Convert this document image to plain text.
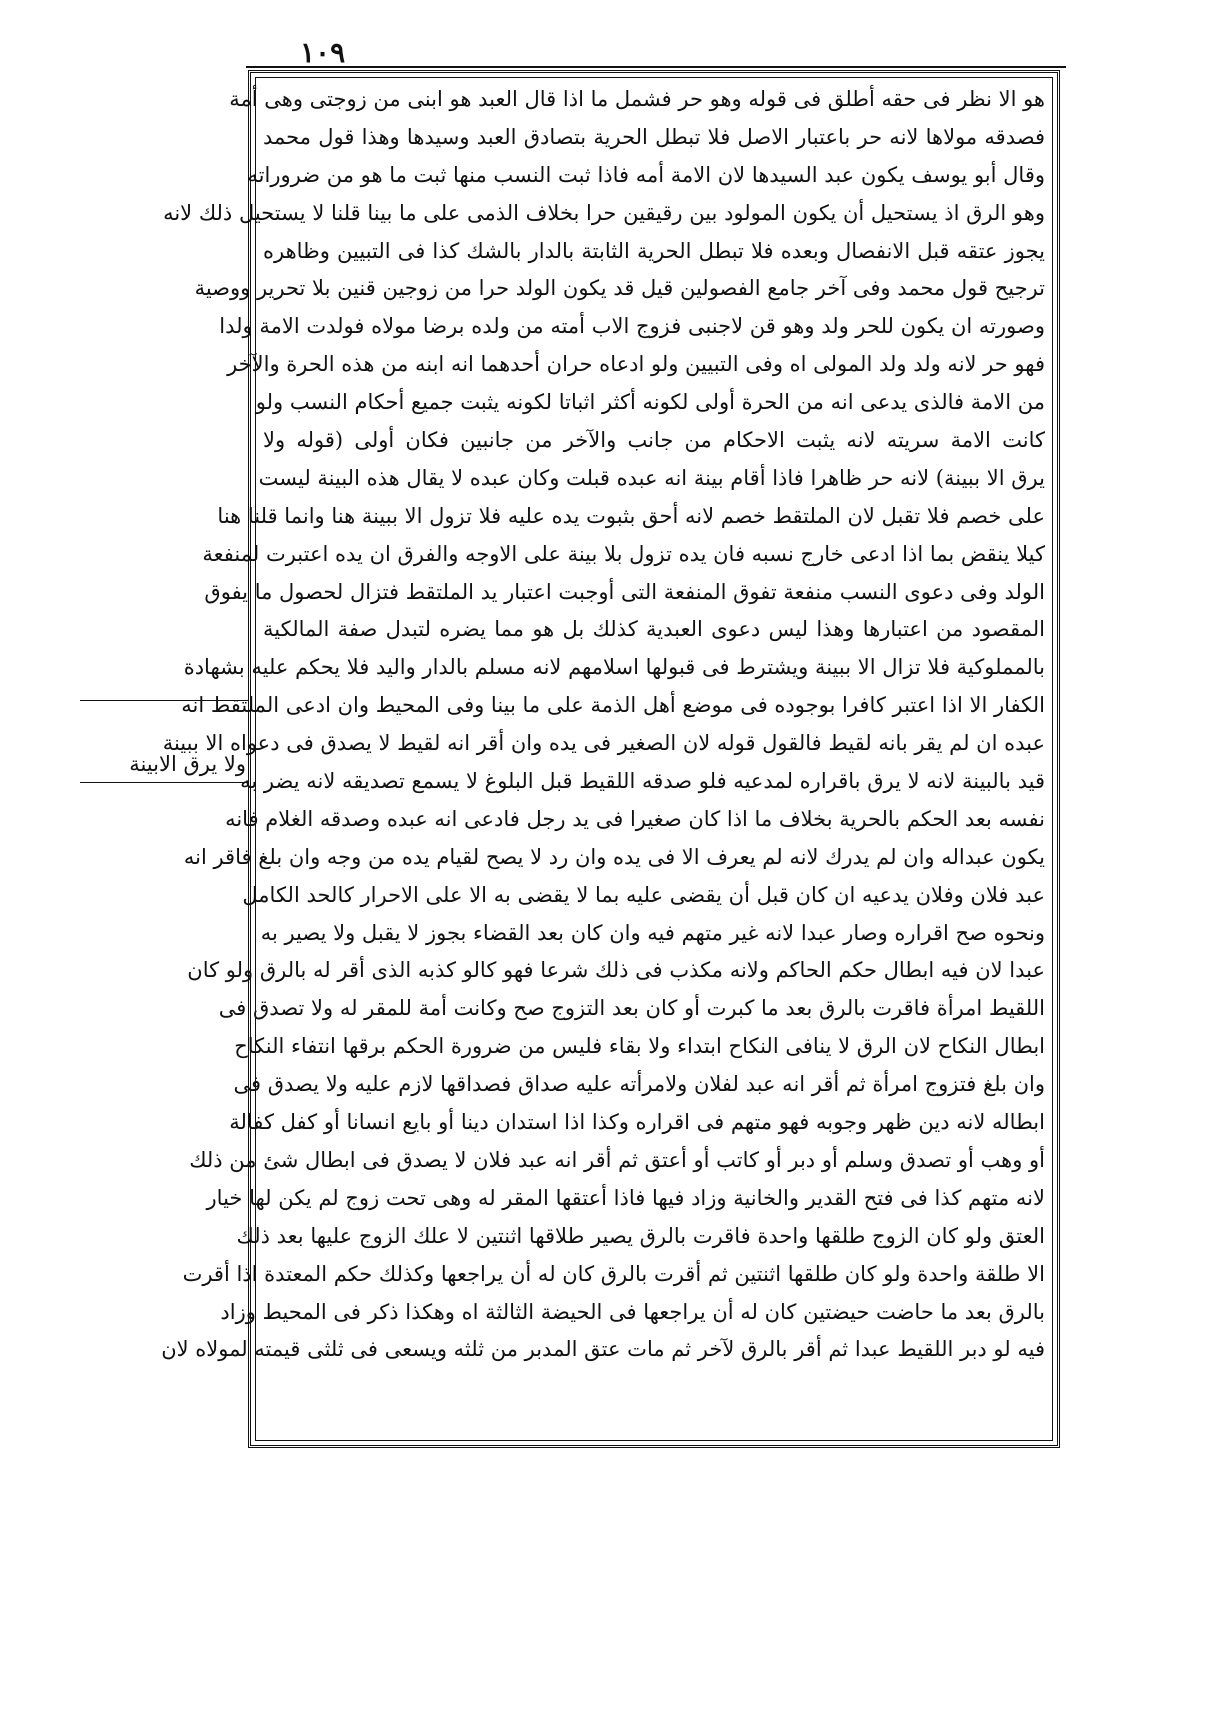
١٠٩
ولا يرق الابينة
هو الا نظر فى حقه أطلق فى قوله وهو حر فشمل ما اذا قال العبد هو ابنى من زوجتى وهى أمة
فصدقه مولاها لانه حر باعتبار الاصل فلا تبطل الحرية بتصادق العبد وسيدها وهذا قول محمد
وقال أبو يوسف يكون عبد السيدها لان الامة أمه فاذا ثبت النسب منها ثبت ما هو من ضروراته
وهو الرق اذ يستحيل أن يكون المولود بين رقيقين حرا بخلاف الذمى على ما بينا قلنا لا يستحيل ذلك لانه
يجوز عتقه قبل الانفصال وبعده فلا تبطل الحرية الثابتة بالدار بالشك كذا فى التبيين وظاهره
ترجيح قول محمد وفى آخر جامع الفصولين قيل قد يكون الولد حرا من زوجين قنين بلا تحرير ووصية
وصورته ان يكون للحر ولد وهو قن لاجنبى فزوج الاب أمته من ولده برضا مولاه فولدت الامة ولدا
فهو حر لانه ولد ولد المولى اه وفى التبيين ولو ادعاه حران أحدهما انه ابنه من هذه الحرة والآخر
من الامة فالذى يدعى انه من الحرة أولى لكونه أكثر اثباتا لكونه يثبت جميع أحكام النسب ولو
كانت الامة سريته لانه يثبت الاحكام من جانب والآخر من جانبين فكان أولى (قوله ولا
يرق الا ببينة) لانه حر ظاهرا فاذا أقام بينة انه عبده قبلت وكان عبده لا يقال هذه البينة ليست
على خصم فلا تقبل لان الملتقط خصم لانه أحق بثبوت يده عليه فلا تزول الا ببينة هنا وانما قلنا هنا
كيلا ينقض بما اذا ادعى خارج نسبه فان يده تزول بلا بينة على الاوجه والفرق ان يده اعتبرت لمنفعة
الولد وفى دعوى النسب منفعة تفوق المنفعة التى أوجبت اعتبار يد الملتقط فتزال لحصول ما يفوق
المقصود من اعتبارها وهذا ليس دعوى العبدية كذلك بل هو مما يضره لتبدل صفة المالكية
بالمملوكية فلا تزال الا ببينة ويشترط فى قبولها اسلامهم لانه مسلم بالدار واليد فلا يحكم عليه بشهادة
الكفار الا اذا اعتبر كافرا بوجوده فى موضع أهل الذمة على ما بينا وفى المحيط وان ادعى الملتقط انه
عبده ان لم يقر بانه لقيط فالقول قوله لان الصغير فى يده وان أقر انه لقيط لا يصدق فى دعواه الا ببينة
قيد بالبينة لانه لا يرق باقراره لمدعيه فلو صدقه اللقيط قبل البلوغ لا يسمع تصديقه لانه يضر به
نفسه بعد الحكم بالحرية بخلاف ما اذا كان صغيرا فى يد رجل فادعى انه عبده وصدقه الغلام فانه
يكون عبداله وان لم يدرك لانه لم يعرف الا فى يده وان رد لا يصح لقيام يده من وجه وان بلغ فاقر انه
عبد فلان وفلان يدعيه ان كان قبل أن يقضى عليه بما لا يقضى به الا على الاحرار كالحد الكامل
ونحوه صح اقراره وصار عبدا لانه غير متهم فيه وان كان بعد القضاء بجوز لا يقبل ولا يصير به
عبدا لان فيه ابطال حكم الحاكم ولانه مكذب فى ذلك شرعا فهو كالو كذبه الذى أقر له بالرق ولو كان
اللقيط امرأة فاقرت بالرق بعد ما كبرت أو كان بعد التزوج صح وكانت أمة للمقر له ولا تصدق فى
ابطال النكاح لان الرق لا ينافى النكاح ابتداء ولا بقاء فليس من ضرورة الحكم برقها انتفاء النكاح
وان بلغ فتزوج امرأة ثم أقر انه عبد لفلان ولامرأته عليه صداق فصداقها لازم عليه ولا يصدق فى
ابطاله لانه دين ظهر وجوبه فهو متهم فى اقراره وكذا اذا استدان دينا أو بايع انسانا أو كفل كفالة
أو وهب أو تصدق وسلم أو دبر أو كاتب أو أعتق ثم أقر انه عبد فلان لا يصدق فى ابطال شئ من ذلك
لانه متهم كذا فى فتح القدير والخانية وزاد فيها فاذا أعتقها المقر له وهى تحت زوج لم يكن لها خيار
العتق ولو كان الزوج طلقها واحدة فاقرت بالرق يصير طلاقها اثنتين لا علك الزوج عليها بعد ذلك
الا طلقة واحدة ولو كان طلقها اثنتين ثم أقرت بالرق كان له أن يراجعها وكذلك حكم المعتدة اذا أقرت
بالرق بعد ما حاضت حيضتين كان له أن يراجعها فى الحيضة الثالثة اه وهكذا ذكر فى المحيط وزاد
فيه لو دبر اللقيط عبدا ثم أقر بالرق لآخر ثم مات عتق المدبر من ثلثه ويسعى فى ثلثى قيمته لمولاه لان
